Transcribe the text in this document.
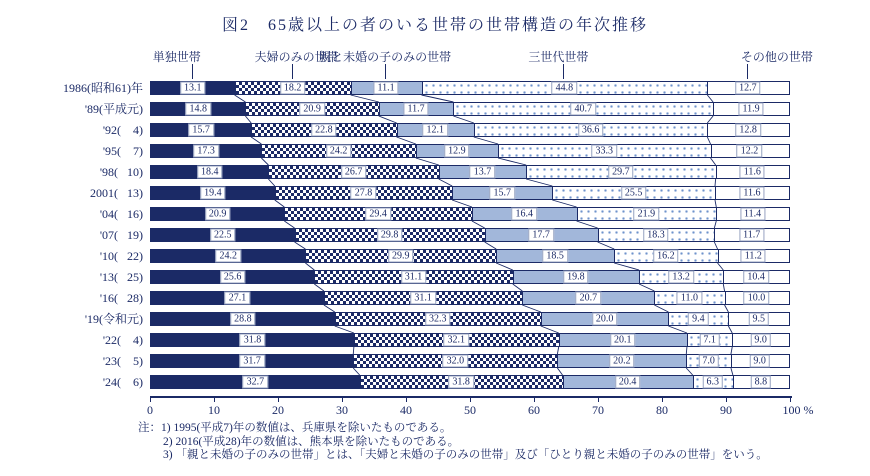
図2　65歳以上の者のいる世帯の世帯構造の年次推移
単独世帯	夫婦のみの世帯
親と未婚の子のみの世帯	三世代世帯	その他の世帯
1986(昭和61)年	13.1	18.2	11.1	44.8	12.7
'89(平成元)	14.8	20.9	11.7	40.7	11.9
'92(    4)	15.7	22.8	12.1	36.6	12.8
'95(    7)	17.3	24.2	12.9	33.3	12.2
'98(   10)	18.4	26.7	13.7	29.7	11.6
2001(   13)	19.4	27.8	15.7	25.5	11.6
'04(   16)	20.9	29.4	16.4	21.9	11.4
'07(   19)	22.5	29.8	17.7	18.3	11.7
'10(   22)	24.2	29.9	18.5	16.2	11.2
'13(   25)	25.6	31.1	19.8	13.2	10.4
'16(   28)	27.1	31.1	20.7	11.0	10.0
'19(令和元)	28.8	32.3	20.0	9.4	9.5
'22(    4)	31.8	32.1	20.1	7.1	9.0
'23(    5)	31.7	32.0	20.2	7.0	9.0
'24(    6)	32.7	31.8	20.4	6.3	8.8
0	10	20	30	40	50	60	70	80	90	100 %
注：1) 1995(平成7)年の数値は、兵庫県を除いたものである。
2) 2016(平成28)年の数値は、熊本県を除いたものである。
3) 「親と未婚の子のみの世帯」とは、「夫婦と未婚の子のみの世帯」及び「ひとり親と未婚の子のみの世帯」をいう。
